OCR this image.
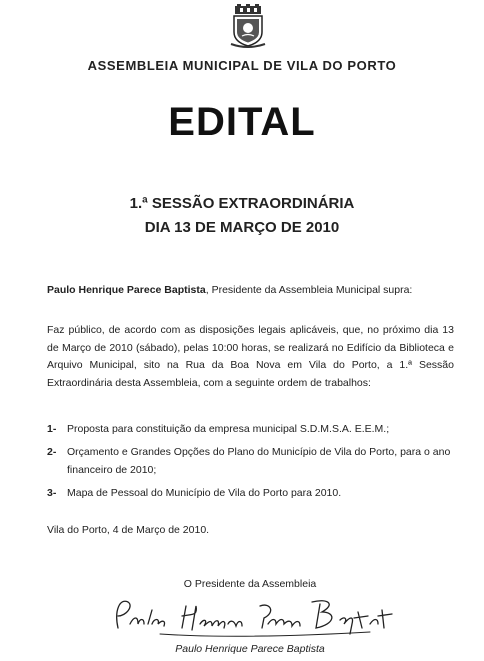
ASSEMBLEIA MUNICIPAL DE VILA DO PORTO
EDITAL
1.ª SESSÃO EXTRAORDINÁRIA
DIA 13 DE MARÇO DE 2010
Paulo Henrique Parece Baptista, Presidente da Assembleia Municipal supra:
Faz público, de acordo com as disposições legais aplicáveis, que, no próximo dia 13 de Março de 2010 (sábado), pelas 10:00 horas, se realizará no Edifício da Biblioteca e Arquivo Municipal, sito na Rua da Boa Nova em Vila do Porto, a 1.ª Sessão Extraordinária desta Assembleia, com a seguinte ordem de trabalhos:
1- Proposta para constituição da empresa municipal S.D.M.S.A. E.E.M.;
2- Orçamento e Grandes Opções do Plano do Município de Vila do Porto, para o ano financeiro de 2010;
3- Mapa de Pessoal do Município de Vila do Porto para 2010.
Vila do Porto, 4 de Março de 2010.
O Presidente da Assembleia
Paulo Henrique Parece Baptista
